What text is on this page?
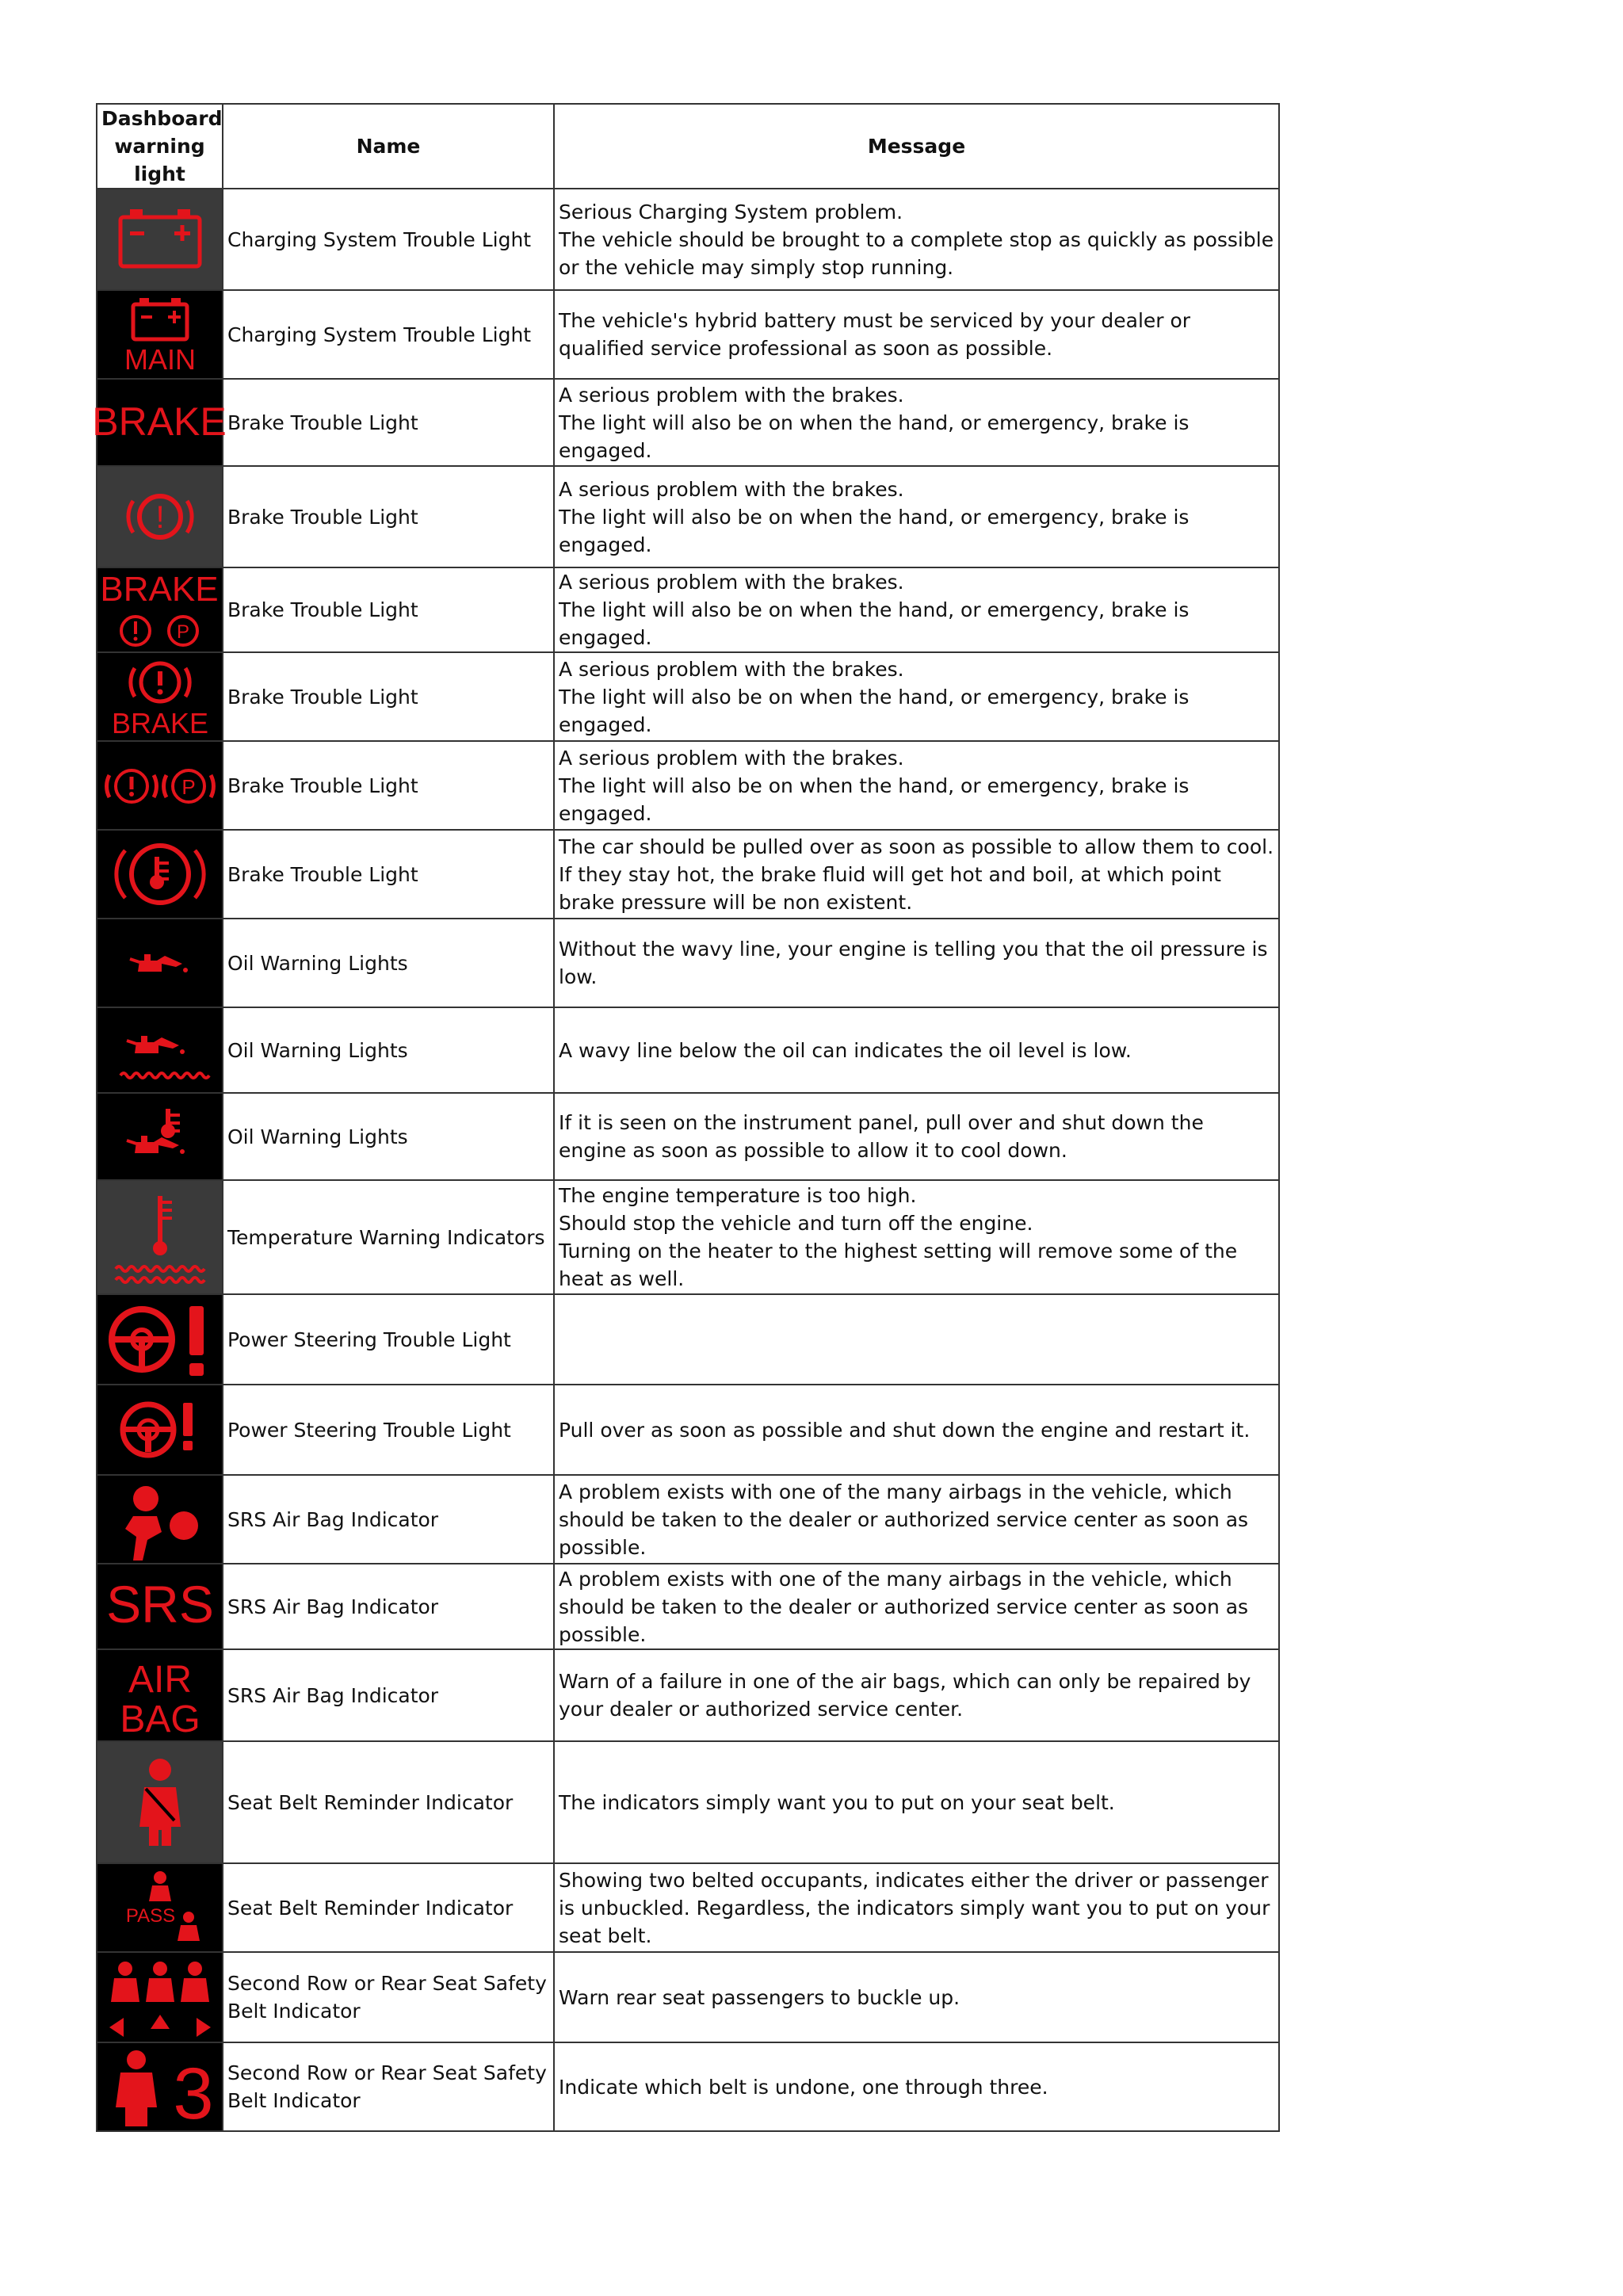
Dashboard warning light	Name	Message

	Charging System Trouble Light	Serious Charging System problem.
The vehicle should be brought to a complete stop as quickly as possible or the vehicle may simply stop running.

MAIN	Charging System Trouble Light	The vehicle's hybrid battery must be serviced by your dealer or qualified service professional as soon as possible.

BRAKE	Brake Trouble Light	A serious problem with the brakes.
The light will also be on when the hand, or emergency, brake is engaged.

!	Brake Trouble Light	A serious problem with the brakes.
The light will also be on when the hand, or emergency, brake is engaged.

BRAKE
P	Brake Trouble Light	A serious problem with the brakes.
The light will also be on when the hand, or emergency, brake is engaged.

BRAKE	Brake Trouble Light	A serious problem with the brakes.
The light will also be on when the hand, or emergency, brake is engaged.

P	Brake Trouble Light	A serious problem with the brakes.
The light will also be on when the hand, or emergency, brake is engaged.

	Brake Trouble Light	The car should be pulled over as soon as possible to allow them to cool. If they stay hot, the brake fluid will get hot and boil, at which point brake pressure will be non existent.

	Oil Warning Lights	Without the wavy line, your engine is telling you that the oil pressure is low.

	Oil Warning Lights	A wavy line below the oil can indicates the oil level is low.

	Oil Warning Lights	If it is seen on the instrument panel, pull over and shut down the engine as soon as possible to allow it to cool down.

	Temperature Warning Indicators	The engine temperature is too high.
Should stop the vehicle and turn off the engine.
Turning on the heater to the highest setting will remove some of the heat as well.

	Power Steering Trouble Light	

	Power Steering Trouble Light	Pull over as soon as possible and shut down the engine and restart it.

	SRS Air Bag Indicator	A problem exists with one of the many airbags in the vehicle, which should be taken to the dealer or authorized service center as soon as possible.

SRS	SRS Air Bag Indicator	A problem exists with one of the many airbags in the vehicle, which should be taken to the dealer or authorized service center as soon as possible.

AIR
BAG	SRS Air Bag Indicator	Warn of a failure in one of the air bags, which can only be repaired by your dealer or authorized service center.

	Seat Belt Reminder Indicator	The indicators simply want you to put on your seat belt.

PASS	Seat Belt Reminder Indicator	Showing two belted occupants, indicates either the driver or passenger is unbuckled. Regardless, the indicators simply want you to put on your seat belt.

	Second Row or Rear Seat Safety Belt Indicator	Warn rear seat passengers to buckle up.

3	Second Row or Rear Seat Safety Belt Indicator	Indicate which belt is undone, one through three.
